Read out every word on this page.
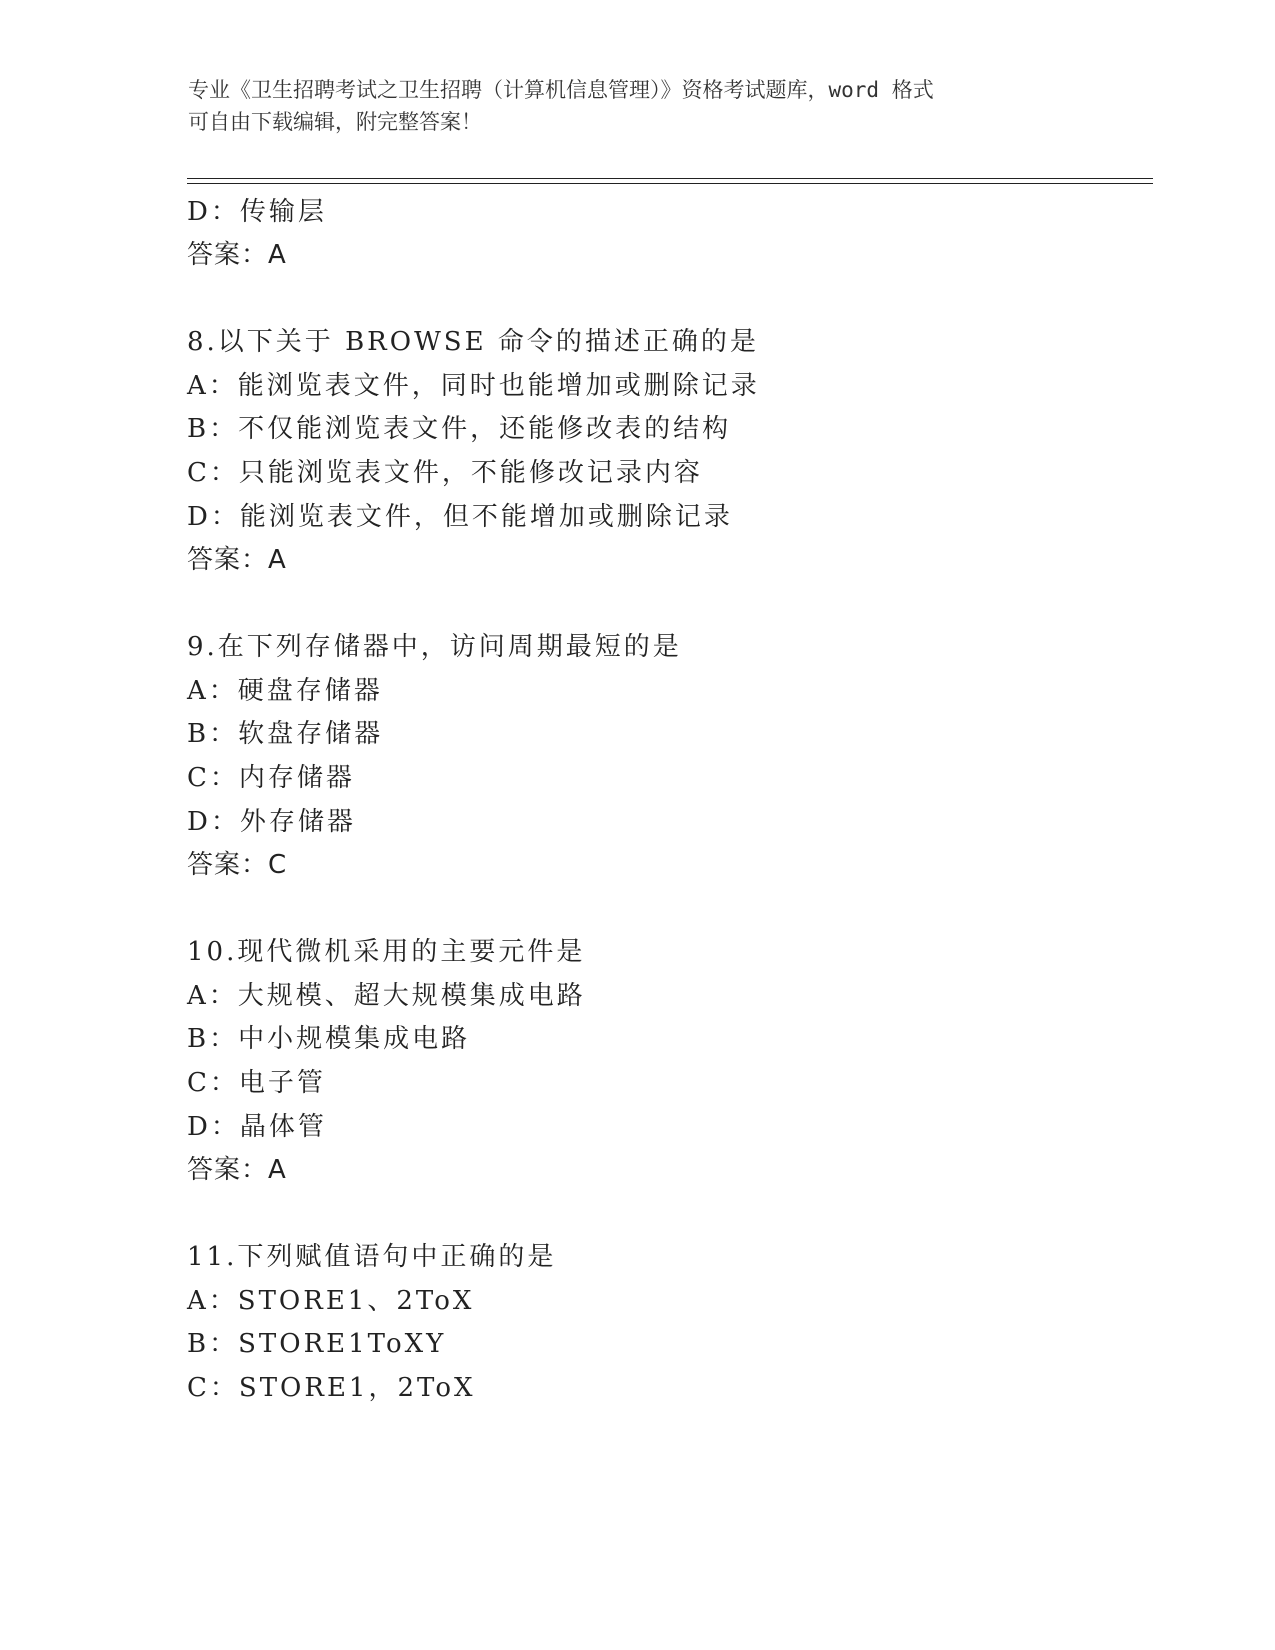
专业《卫生招聘考试之卫生招聘（计算机信息管理）》资格考试题库，word 格式
可自由下载编辑，附完整答案！
D：传输层
答案：A
8.以下关于 BROWSE 命令的描述正确的是
A：能浏览表文件，同时也能增加或删除记录
B：不仅能浏览表文件，还能修改表的结构
C：只能浏览表文件，不能修改记录内容
D：能浏览表文件，但不能增加或删除记录
答案：A
9.在下列存储器中，访问周期最短的是
A：硬盘存储器
B：软盘存储器
C：内存储器
D：外存储器
答案：C
10.现代微机采用的主要元件是
A：大规模、超大规模集成电路
B：中小规模集成电路
C：电子管
D：晶体管
答案：A
11.下列赋值语句中正确的是
A：STORE1、2ToX
B：STORE1ToXY
C：STORE1，2ToX
